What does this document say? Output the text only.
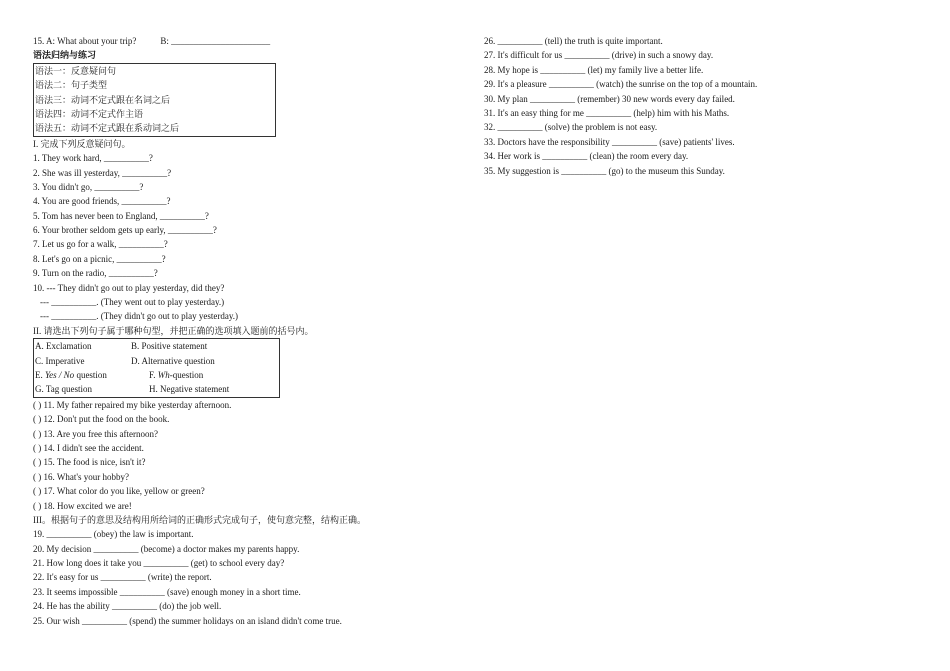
15. A: What about your trip?	B: ______________________
语法归纳与练习
语法一：反意疑问句
语法二：句子类型
语法三：动词不定式跟在名词之后
语法四：动词不定式作主语
语法五：动词不定式跟在系动词之后
I. 完成下列反意疑问句。
1. They work hard, __________?
2. She was ill yesterday, __________?
3. You didn't go, __________?
4. You are good friends, __________?
5. Tom has never been to England, __________?
6. Your brother seldom gets up early, __________?
7. Let us go for a walk, __________?
8. Let's go on a picnic, __________?
9. Turn on the radio, __________?
10. --- They didn't go out to play yesterday, did they?
--- __________. (They went out to play yesterday.)
--- __________. (They didn't go out to play yesterday.)
II. 请选出下列句子属于哪种句型，并把正确的选项填入题前的括号内。
A. Exclamation	B. Positive statement
C. Imperative	D. Alternative question
E. Yes / No question	F. Wh-question
G. Tag question	H. Negative statement
( ) 11. My father repaired my bike yesterday afternoon.
( ) 12. Don't put the food on the book.
( ) 13. Are you free this afternoon?
( ) 14. I didn't see the accident.
( ) 15. The food is nice, isn't it?
( ) 16. What's your hobby?
( ) 17. What color do you like, yellow or green?
( ) 18. How excited we are!
III。根据句子的意思及结构用所给词的正确形式完成句子，使句意完整，结构正确。
19. __________ (obey) the law is important.
20. My decision __________ (become) a doctor makes my parents happy.
21. How long does it take you __________ (get) to school every day?
22. It's easy for us __________ (write) the report.
23. It seems impossible __________ (save) enough money in a short time.
24. He has the ability __________ (do) the job well.
25. Our wish __________ (spend) the summer holidays on an island didn't come true.
26. __________ (tell) the truth is quite important.
27. It's difficult for us __________ (drive) in such a snowy day.
28. My hope is __________ (let) my family live a better life.
29. It's a pleasure __________ (watch) the sunrise on the top of a mountain.
30. My plan __________ (remember) 30 new words every day failed.
31. It's an easy thing for me __________ (help) him with his Maths.
32. __________ (solve) the problem is not easy.
33. Doctors have the responsibility __________ (save) patients' lives.
34. Her work is __________ (clean) the room every day.
35. My suggestion is __________ (go) to the museum this Sunday.
